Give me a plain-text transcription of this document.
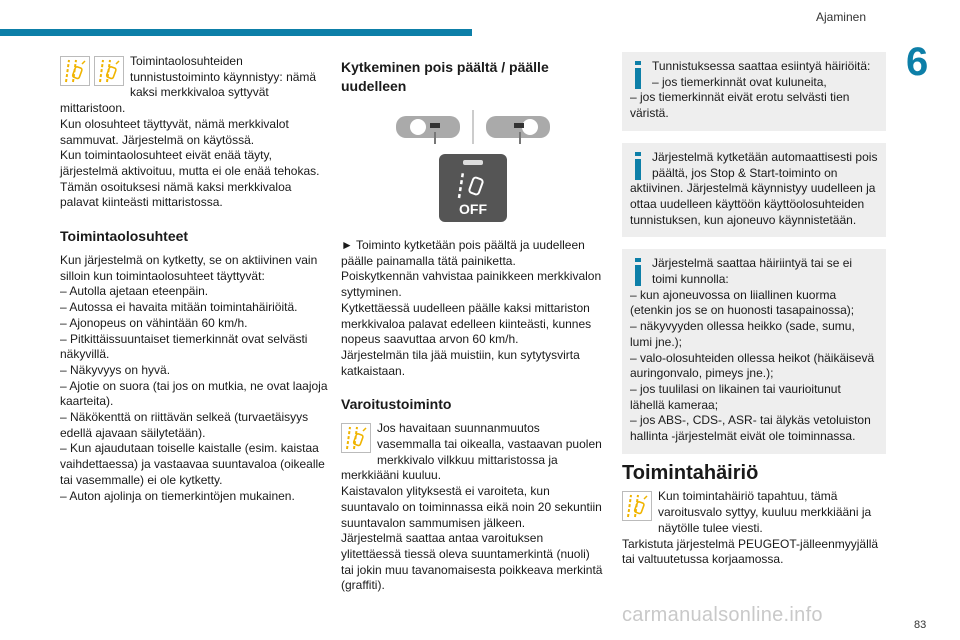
Ajaminen
6
83
carmanualsonline.info

Toimintaolosuhteiden tunnistustoiminto käynnistyy: nämä kaksi merkkivaloa syttyvät mittaristoon.

Kun olosuhteet täyttyvät, nämä merkkivalot sammuvat. Järjestelmä on käytössä.

Kun toimintaolosuhteet eivät enää täyty, järjestelmä aktivoituu, mutta ei ole enää tehokas. Tämän osoituksesi nämä kaksi merkkivaloa palavat kiinteästi mittaristossa.

Toimintaolosuhteet

Kun järjestelmä on kytketty, se on aktiivinen vain silloin kun toimintaolosuhteet täyttyvät:

– Autolla ajetaan eteenpäin.

– Autossa ei havaita mitään toimintahäiriöitä.

– Ajonopeus on vähintään 60 km/h.

– Pitkittäissuuntaiset tiemerkinnät ovat selvästi näkyvillä.

– Näkyvyys on hyvä.

– Ajotie on suora (tai jos on mutkia, ne ovat laajoja kaarteita).

– Näkökenttä on riittävän selkeä (turvaetäisyys edellä ajavaan säilytetään).

– Kun ajaudutaan toiselle kaistalle (esim. kaistaa vaihdettaessa) ja vastaavaa suuntavaloa (oikealle tai vasemmalle) ei ole kytketty.

– Auton ajolinja on tiemerkintöjen mukainen.

Kytkeminen pois päältä / päälle uudelleen
OFF

► Toiminto kytketään pois päältä ja uudelleen päälle painamalla tätä painiketta.

Poiskytkennän vahvistaa painikkeen merkkivalon syttyminen.

Kytkettäessä uudelleen päälle kaksi mittariston merkkivaloa palavat edelleen kiinteästi, kunnes nopeus saavuttaa arvon 60 km/h.

Järjestelmän tila jää muistiin, kun sytytysvirta katkaistaan.

Varoitustoiminto

Jos havaitaan suunnanmuutos vasemmalla tai oikealla, vastaavan puolen merkkivalo vilkkuu mittaristossa ja merkkiääni kuuluu.

Kaistavalon ylityksestä ei varoiteta, kun suuntavalo on toiminnassa eikä noin 20 sekuntiin suuntavalon sammumisen jälkeen.

Järjestelmä saattaa antaa varoituksen ylitettäessä tiessä oleva suuntamerkintä (nuoli) tai jokin muu tavanomaisesta poikkeava merkintä (graffiti).

Tunnistuksessa saattaa esiintyä häiriöitä:

– jos tiemerkinnät ovat kuluneita,

– jos tiemerkinnät eivät erotu selvästi tien väristä.

Järjestelmä kytketään automaattisesti pois päältä, jos Stop & Start-toiminto on aktiivinen. Järjestelmä käynnistyy uudelleen ja ottaa uudelleen käyttöön käyttöolosuhteiden tunnistuksen, kun ajoneuvo käynnistetään.

Järjestelmä saattaa häiriintyä tai se ei toimi kunnolla:

– kun ajoneuvossa on liiallinen kuorma (etenkin jos se on huonosti tasapainossa);

– näkyvyyden ollessa heikko (sade, sumu, lumi jne.);

– valo-olosuhteiden ollessa heikot (häikäisevä auringonvalo, pimeys jne.);

– jos tuulilasi on likainen tai vaurioitunut lähellä kameraa;

– jos ABS-, CDS-, ASR- tai älykäs vetoluiston hallinta -järjestelmät eivät ole toiminnassa.

Toimintahäiriö

Kun toimintahäiriö tapahtuu, tämä varoitusvalo syttyy, kuuluu merkkiääni ja näytölle tulee viesti.

Tarkistuta järjestelmä PEUGEOT-jälleenmyyjällä tai valtuutetussa korjaamossa.
